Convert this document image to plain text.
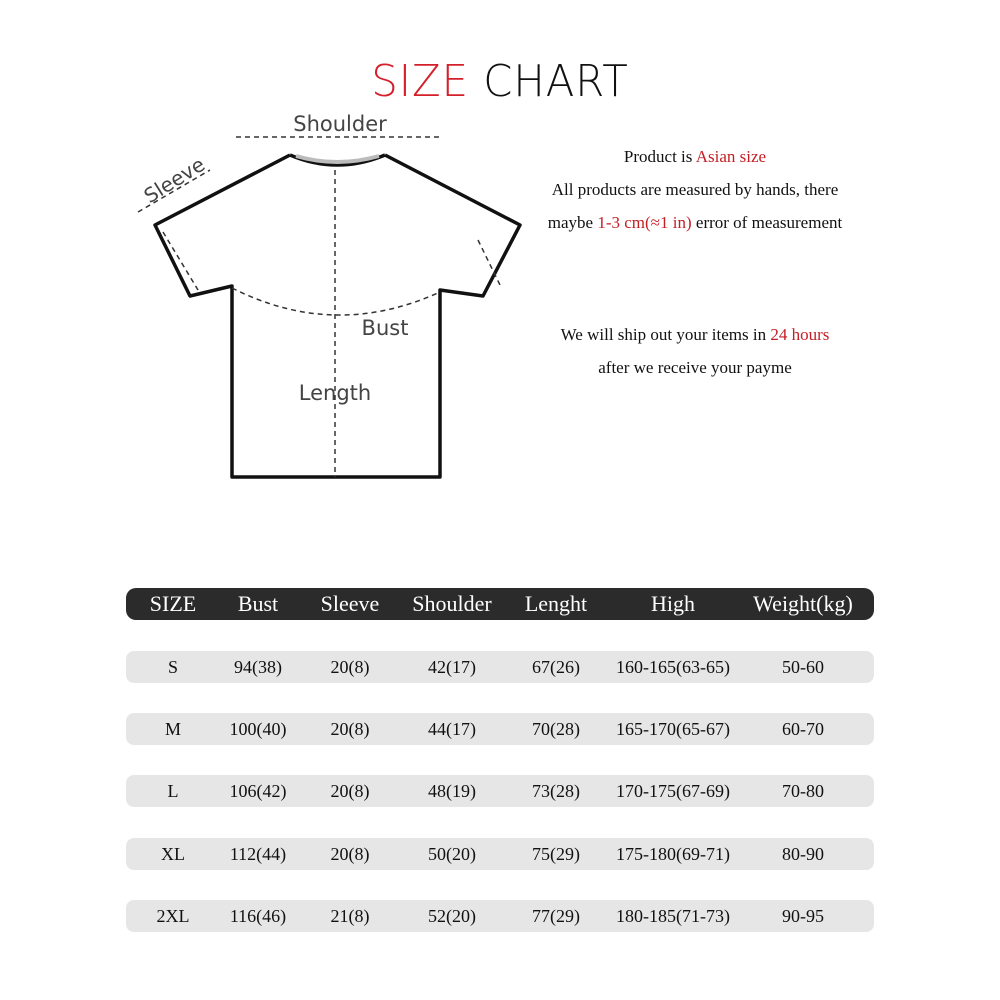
SIZE CHART
Shoulder
Sleeve
Bust
Length
Product is Asian size
All products are measured by hands, there
maybe 1-3 cm(≈1 in) error of measurement
We will ship out your items in 24 hours
after we receive your payme
SIZE Bust Sleeve Shoulder Lenght	High	Weight(kg)
S	94(38)	20(8)	42(17)	67(26) 160-165(63-65)	50-60
M	100(40) 20(8)	44(17)	70(28) 165-170(65-67)	60-70
L	106(42) 20(8)	48(19)	73(28) 170-175(67-69)	70-80
XL 112(44) 20(8)	50(20)	75(29) 175-180(69-71)	80-90
2XL 116(46) 21(8)	52(20)	77(29) 180-185(71-73)	90-95
